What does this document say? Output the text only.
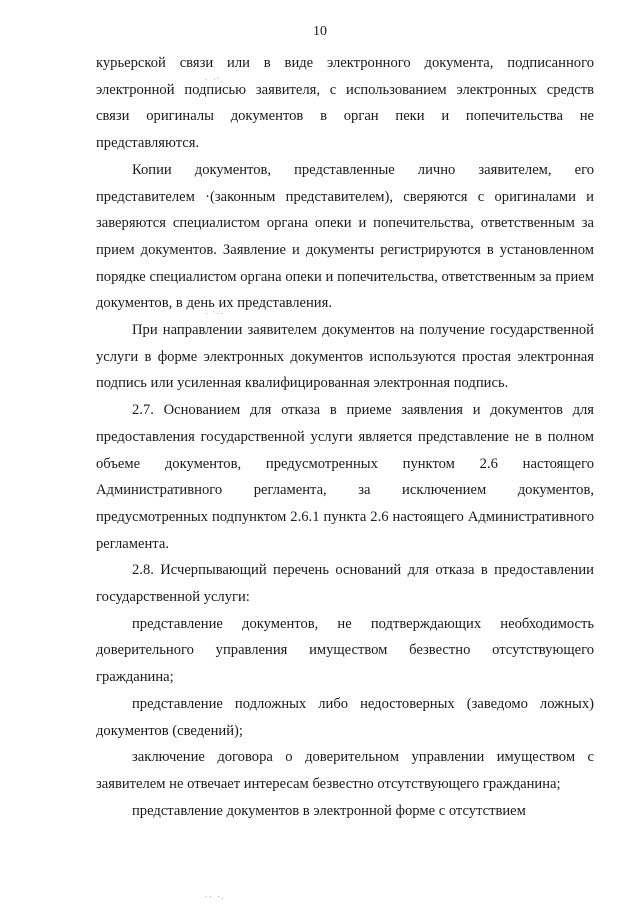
10

курьерской связи или в виде электронного документа, подписанного электронной подписью заявителя, с использованием электронных средств связи оригиналы документов в орган пеки и попечительства не представляются.

Копии документов, представленные лично заявителем, его представителем ·(законным представителем), сверяются с оригиналами и заверяются специалистом органа опеки и попечительства, ответственным за прием документов. Заявление и документы регистрируются в установленном порядке специалистом органа опеки и попечительства, ответственным за прием документов, в день их представления.

При направлении заявителем документов на получение государственной услуги в форме электронных документов используются простая электронная подпись или усиленная квалифицированная электронная подпись.

2.7. Основанием для отказа в приеме заявления и документов для предоставления государственной услуги является представление не в полном объеме документов, предусмотренных пунктом 2.6 настоящего Административного регламента, за исключением документов, предусмотренных подпунктом 2.6.1 пункта 2.6 настоящего Административного регламента.

2.8. Исчерпывающий перечень оснований для отказа в предоставлении государственной услуги:

представление документов, не подтверждающих необходимость доверительного управления имуществом безвестно отсутствующего гражданина;

представление подложных либо недостоверных (заведомо ложных) документов (сведений);

заключение договора о доверительном управлении имуществом с заявителем не отвечает интересам безвестно отсутствующего гражданина;

представление документов в электронной форме с отсутствием

· ·'.
· '··
·· ·.
